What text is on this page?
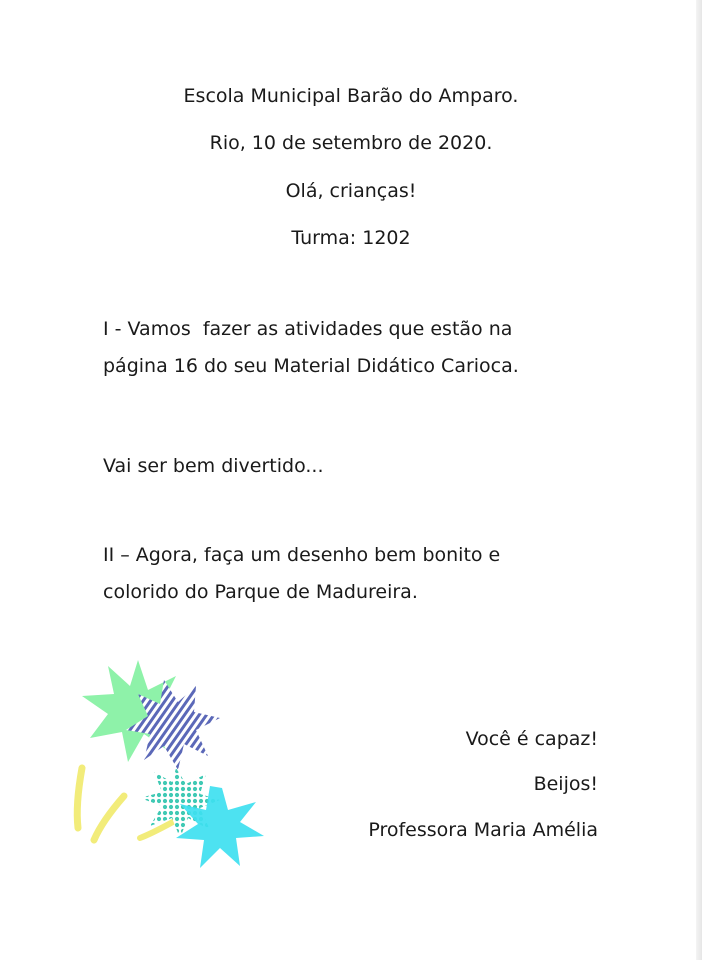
Escola Municipal Barão do Amparo.

Rio, 10 de setembro de 2020.

Olá, crianças!

Turma: 1202

I - Vamos  fazer as atividades que estão na
página 16 do seu Material Didático Carioca.

Vai ser bem divertido...

II – Agora, faça um desenho bem bonito e
colorido do Parque de Madureira.

Você é capaz!

Beijos!

Professora Maria Amélia
